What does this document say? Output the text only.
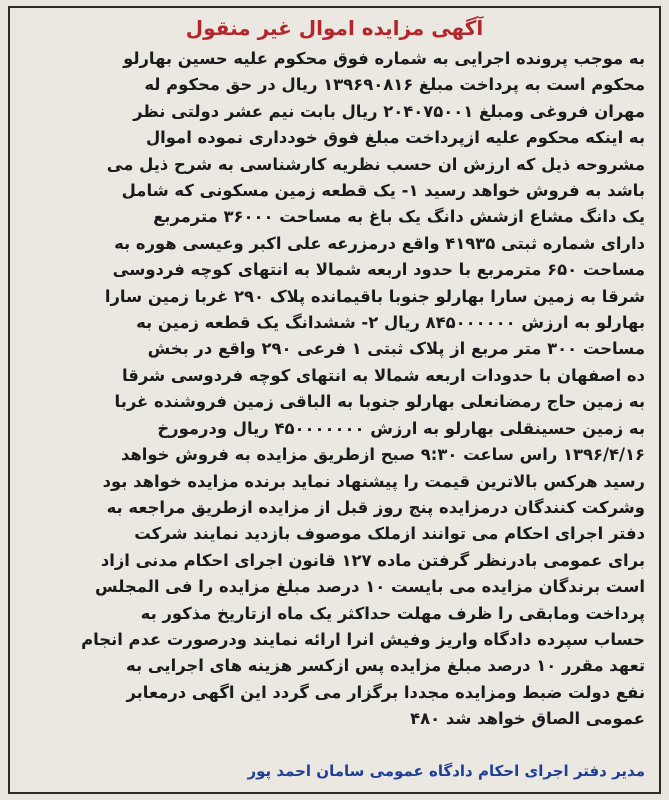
آگهی مزایده اموال غیر منقول
به موجب پرونده اجرایی به شماره فوق محکوم علیه حسین بهارلو
محکوم است به پرداخت مبلغ ۱۳۹۶۹۰۸۱۶ ریال در حق محکوم له
مهران فروغی ومبلغ ۲۰۴۰۷۵۰۰۱ ریال بابت نیم عشر دولتی نظر
به اینکه محکوم علیه ازپرداخت مبلغ فوق خودداری نموده اموال
مشروحه ذیل که ارزش ان حسب نظریه کارشناسی به شرح ذیل می
باشد به فروش خواهد رسید ۱- یک قطعه زمین مسکونی که شامل
یک دانگ مشاع ازشش دانگ یک باغ به مساحت ۳۶۰۰۰ مترمربع
دارای شماره ثبتی ۴۱۹۳۵ واقع درمزرعه علی اکبر وعیسی هوره به
مساحت ۶۵۰ مترمربع با حدود اربعه شمالا به انتهای کوچه فردوسی
شرقا به زمین سارا بهارلو جنوبا باقیمانده پلاک ۲۹۰ غربا زمین سارا
بهارلو به ارزش ۸۴۵۰۰۰۰۰۰ ریال ۲- ششدانگ یک قطعه زمین به
مساحت ۳۰۰ متر مربع از پلاک ثبتی ۱ فرعی ۲۹۰ واقع در بخش
ده اصفهان با حدودات اربعه شمالا به انتهای کوچه فردوسی شرقا
به زمین حاج رمضانعلی بهارلو جنوبا به الباقی زمین فروشنده غربا
به زمین حسینقلی بهارلو به ارزش ۴۵۰۰۰۰۰۰۰ ریال ودرمورخ
۱۳۹۶/۴/۱۶ راس ساعت ۹:۳۰ صبح ازطریق مزایده به فروش خواهد
رسید هرکس بالاترین قیمت را پیشنهاد نماید برنده مزایده خواهد بود
وشرکت کنندگان درمزایده پنج روز قبل از مزایده ازطریق مراجعه به
دفتر اجرای احکام می توانند ازملک موصوف بازدید نمایند شرکت
برای عمومی بادرنظر گرفتن ماده ۱۲۷ قانون اجرای احکام مدنی ازاد
است برندگان مزایده می بایست ۱۰ درصد مبلغ مزایده را فی المجلس
پرداخت ومابقی را ظرف مهلت حداکثر یک ماه ازتاریخ مذکور به
حساب سپرده دادگاه واریز وفیش انرا ارائه نمایند ودرصورت عدم انجام
تعهد مقرر ۱۰ درصد مبلغ مزایده پس ازکسر هزینه های اجرایی به
نفع دولت ضبط ومزایده مجددا برگزار می گردد این اگهی درمعابر
عمومی الصاق خواهد شد ۴۸۰
مدیر دفتر اجرای احکام دادگاه عمومی سامان احمد پور
